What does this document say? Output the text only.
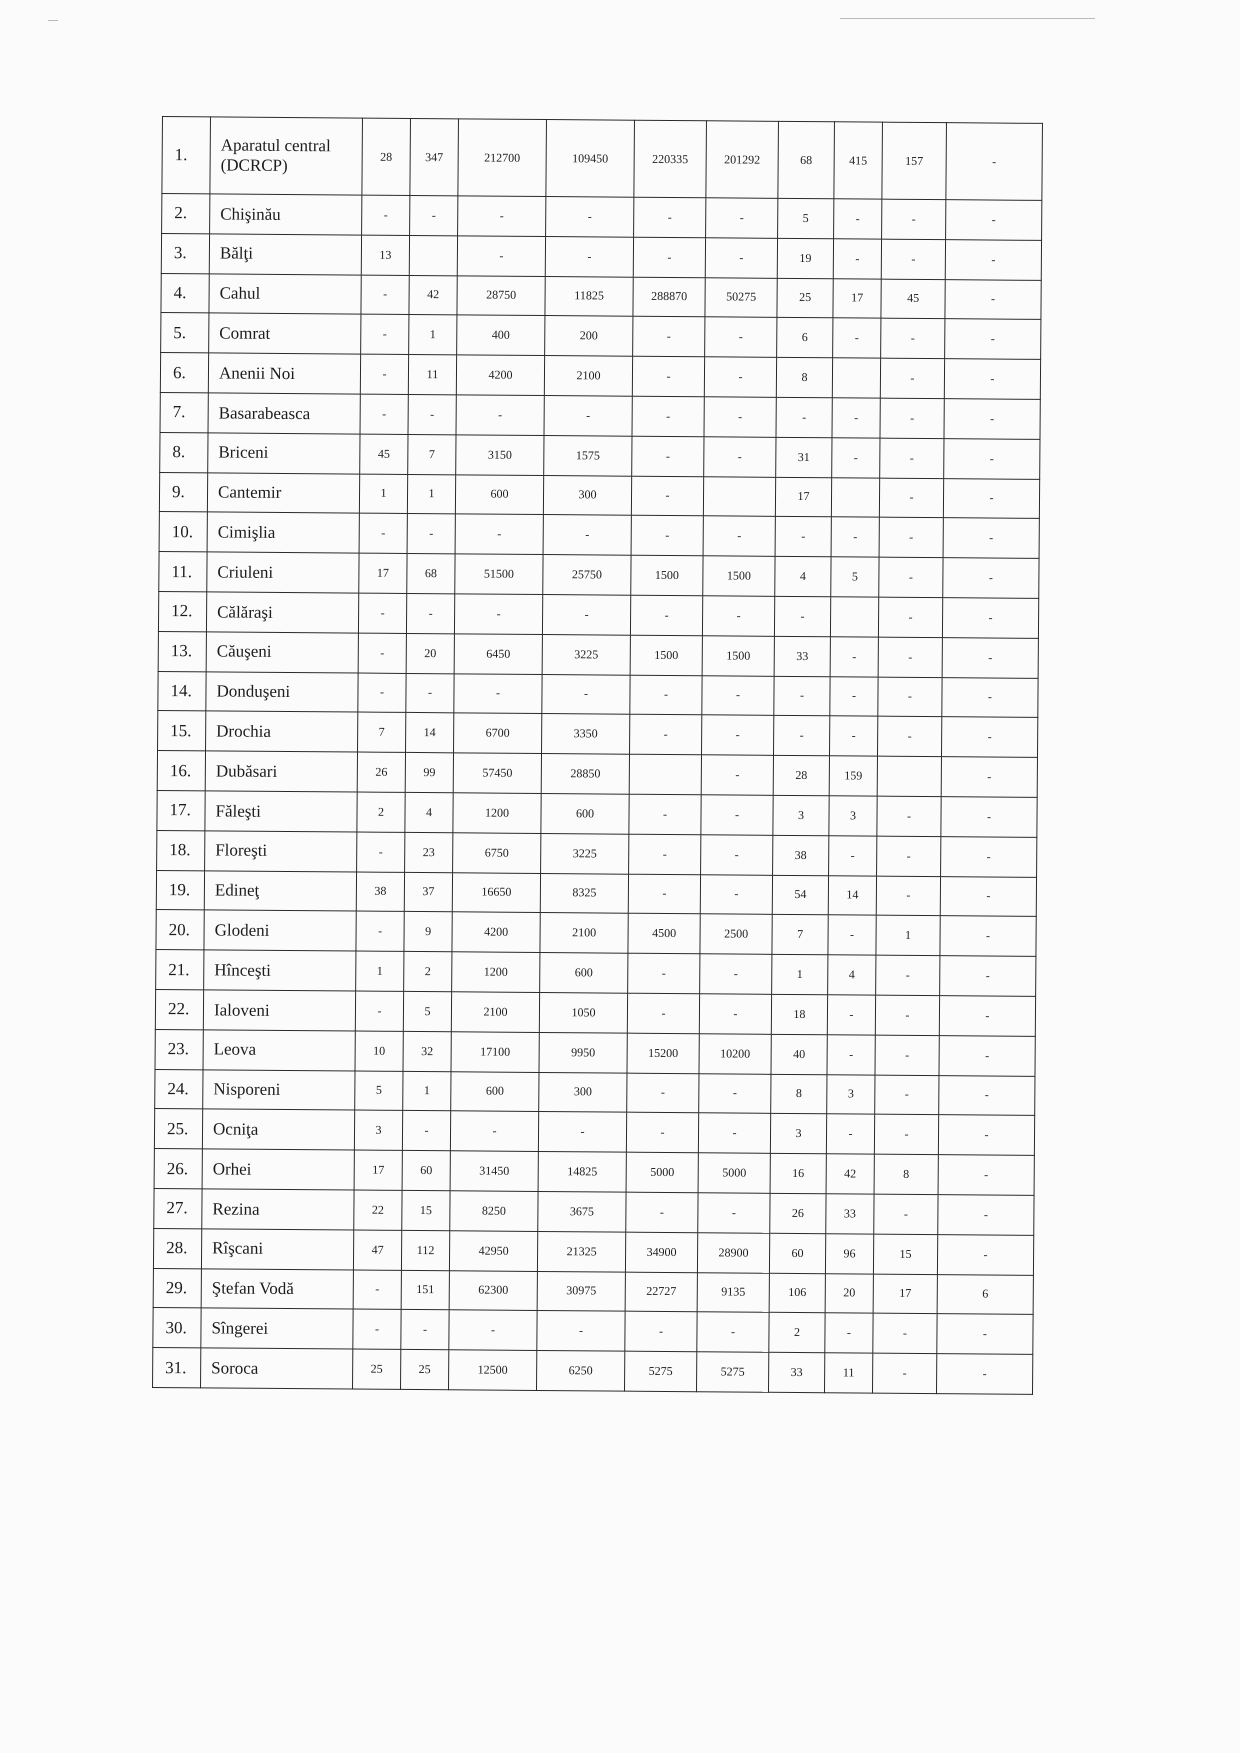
1.	Aparatul central (DCRCP)	28	347	212700	109450	220335	201292	68	415	157	-
2.	Chişinău	-	-	-	-	-	-	5	-	-	-
3.	Bălţi	13		-	-	-	-	19	-	-	-
4.	Cahul	-	42	28750	11825	288870	50275	25	17	45	-
5.	Comrat	-	1	400	200	-	-	6	-	-	-
6.	Anenii Noi	-	11	4200	2100	-	-	8		-	-
7.	Basarabeasca	-	-	-	-	-	-	-	-	-	-
8.	Briceni	45	7	3150	1575	-	-	31	-	-	-
9.	Cantemir	1	1	600	300	-		17		-	-
10.	Cimişlia	-	-	-	-	-	-	-	-	-	-
11.	Criuleni	17	68	51500	25750	1500	1500	4	5	-	-
12.	Călăraşi	-	-	-	-	-	-	-		-	-
13.	Căuşeni	-	20	6450	3225	1500	1500	33	-	-	-
14.	Donduşeni	-	-	-	-	-	-	-	-	-	-
15.	Drochia	7	14	6700	3350	-	-	-	-	-	-
16.	Dubăsari	26	99	57450	28850		-	28	159		-
17.	Făleşti	2	4	1200	600	-	-	3	3	-	-
18.	Floreşti	-	23	6750	3225	-	-	38	-	-	-
19.	Edineţ	38	37	16650	8325	-	-	54	14	-	-
20.	Glodeni	-	9	4200	2100	4500	2500	7	-	1	-
21.	Hînceşti	1	2	1200	600	-	-	1	4	-	-
22.	Ialoveni	-	5	2100	1050	-	-	18	-	-	-
23.	Leova	10	32	17100	9950	15200	10200	40	-	-	-
24.	Nisporeni	5	1	600	300	-	-	8	3	-	-
25.	Ocniţa	3	-	-	-	-	-	3	-	-	-
26.	Orhei	17	60	31450	14825	5000	5000	16	42	8	-
27.	Rezina	22	15	8250	3675	-	-	26	33	-	-
28.	Rîşcani	47	112	42950	21325	34900	28900	60	96	15	-
29.	Ştefan Vodă	-	151	62300	30975	22727	9135	106	20	17	6
30.	Sîngerei	-	-	-	-	-	-	2	-	-	-
31.	Soroca	25	25	12500	6250	5275	5275	33	11	-	-
